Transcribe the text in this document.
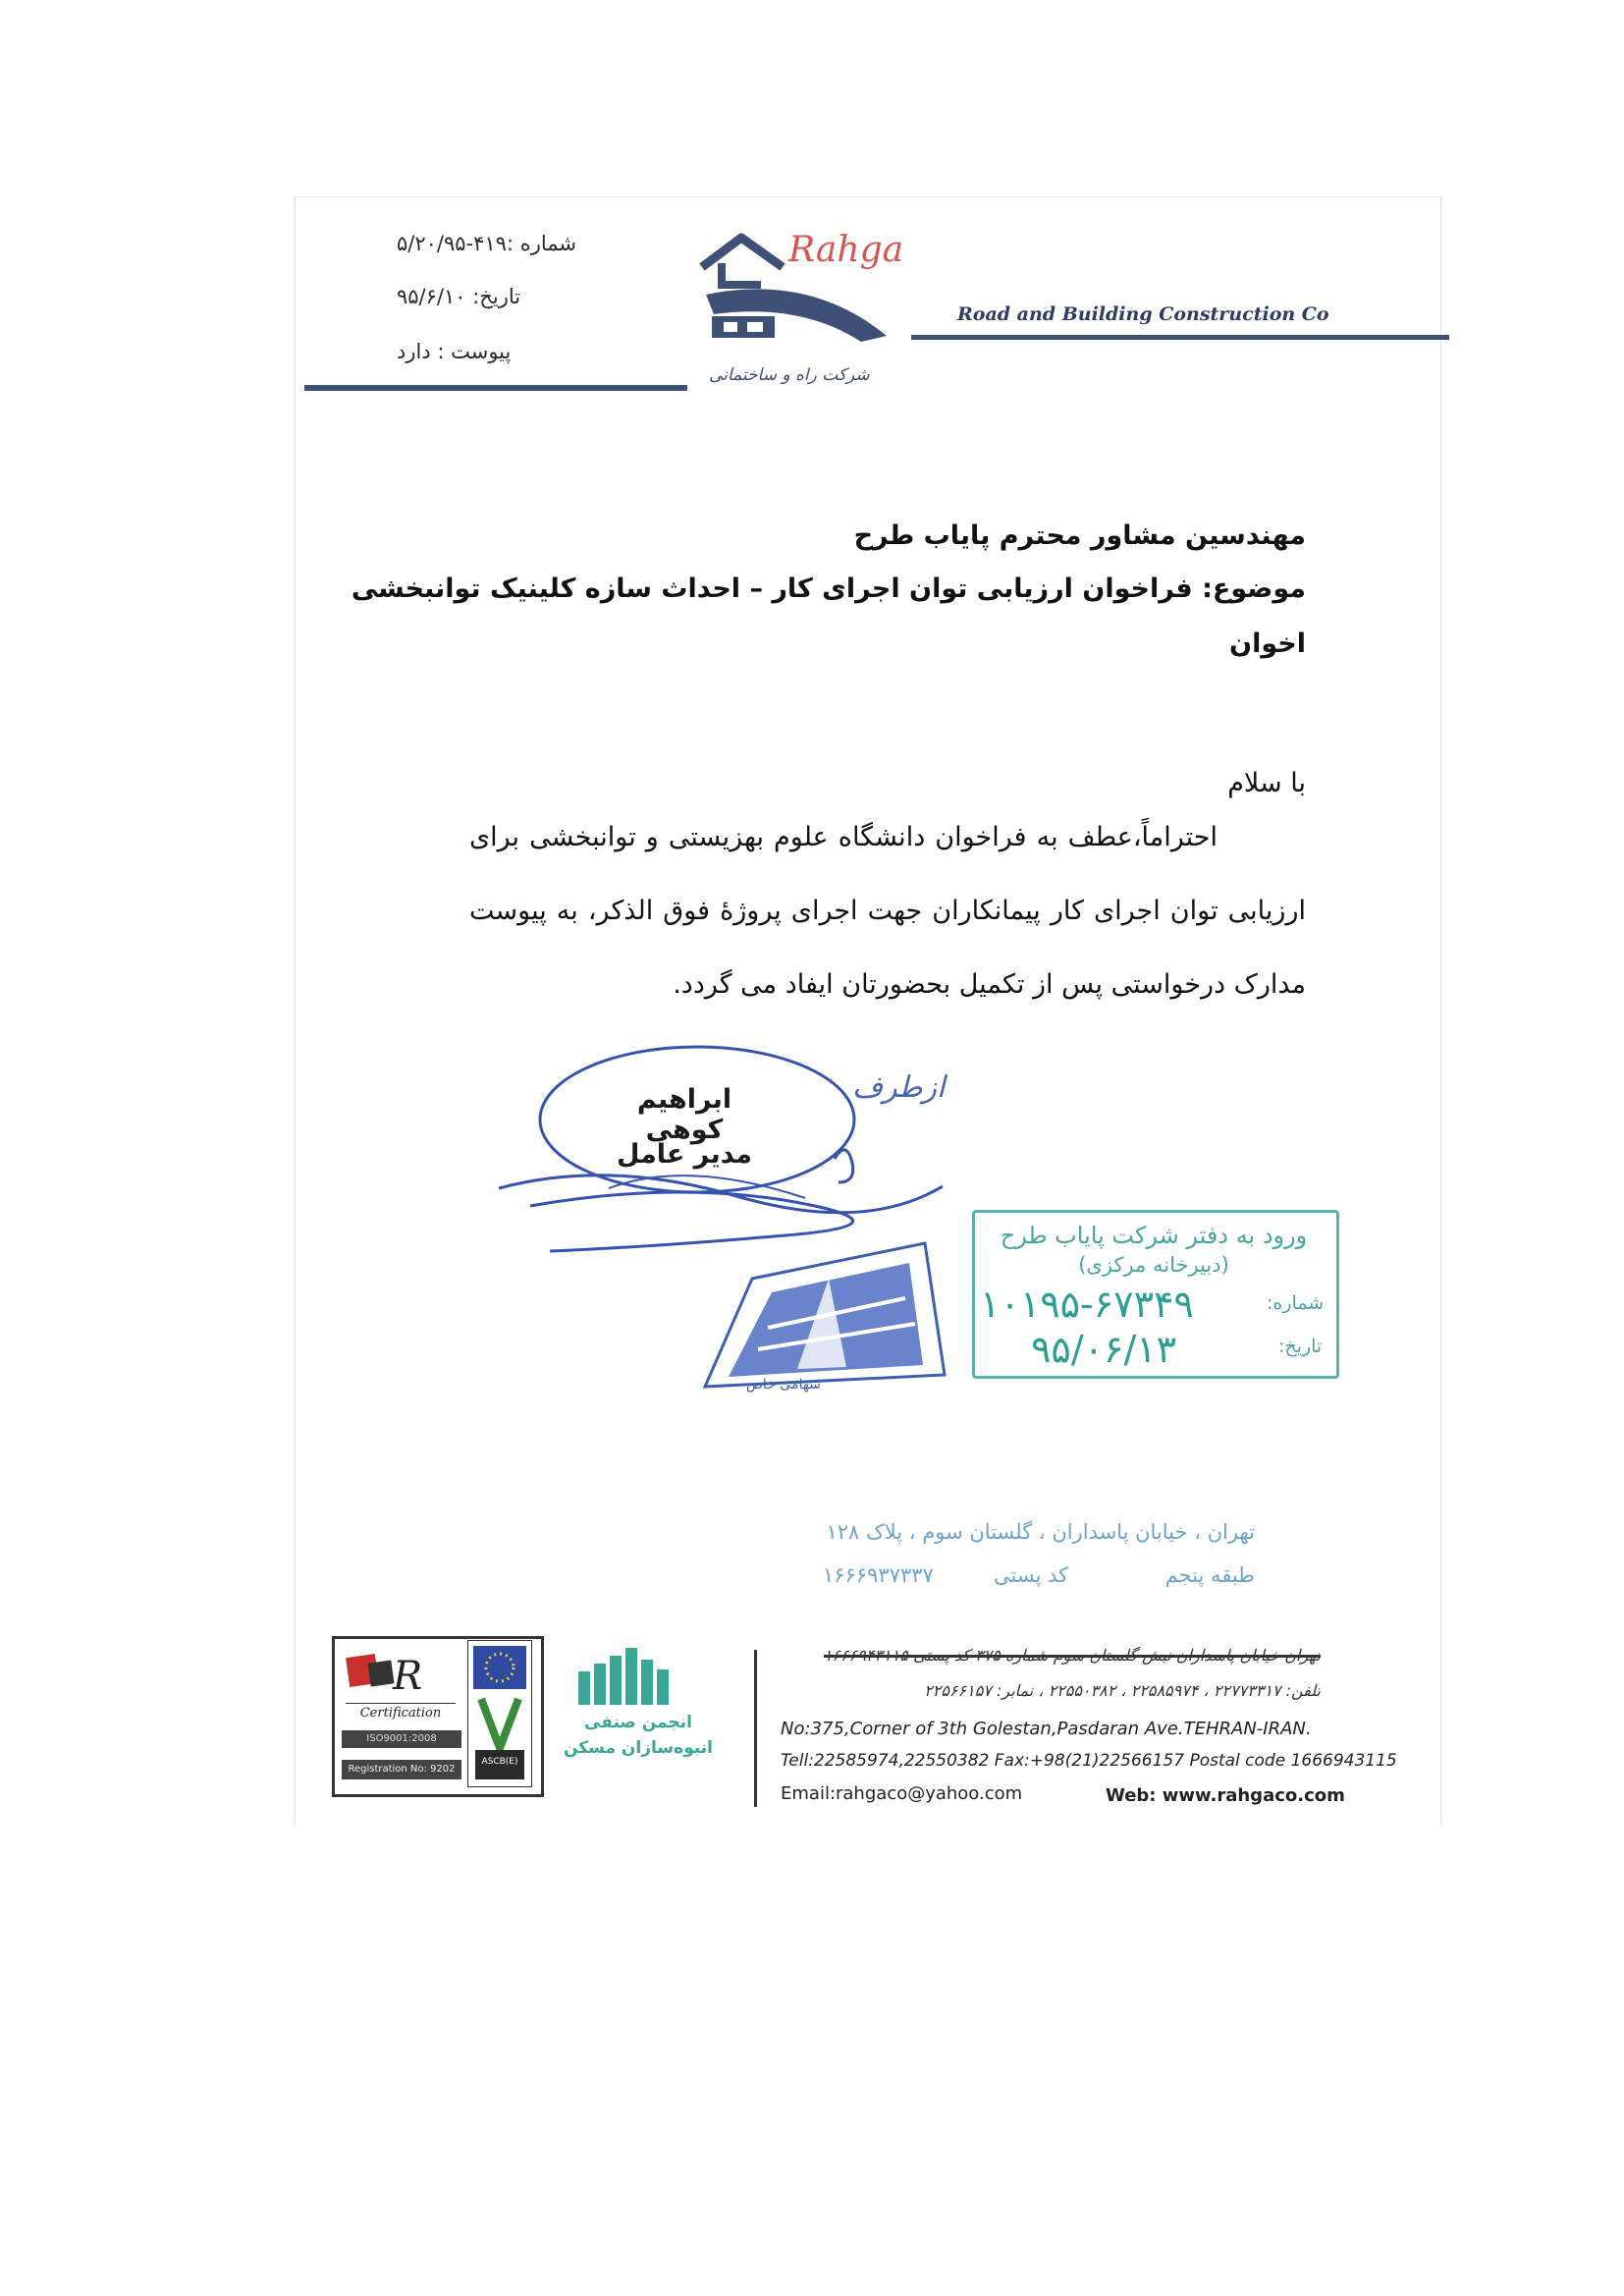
شماره :۴۱۹-۵/۲۰/۹۵
تاریخ: ۹۵/۶/۱۰
پیوست : دارد
Rahga
Road and Building Construction Co
شرکت راه و ساختمانی
مهندسین مشاور محترم پایاب طرح
موضوع: فراخوان ارزیابی توان اجرای کار – احداث سازه کلینیک توانبخشی
اخوان
با سلام
احتراماً،عطف به فراخوان دانشگاه علوم بهزیستی و توانبخشی برای ارزیابی توان اجرای کار پیمانکاران جهت اجرای پروژۀ فوق الذکر، به پیوست مدارک درخواستی پس از تکمیل بحضورتان ایفاد می گردد.
ازطرف
ابراهیم کوهی
مدیر عامل
سهامی خاص
ورود به دفتر شرکت پایاب طرح
(دبیرخانه مرکزی)
شماره:
تاریخ:
۱۰۱۹۵-۶۷۳۴۹
۹۵/۰۶/۱۳
تهران ، خیابان پاسداران ، گلستان سوم ، پلاک ۱۲۸
طبقه پنجم
کد پستی
۱۶۶۶۹۳۷۳۳۷
R
Certification
ISO9001:2008
Registration No: 9202
ASCB(E)
انجمن صنفی
انبوه‌سازان مسکن
تهران خیابان پاسداران نبش گلستان سوم شماره ۳۷۵ کد پستی ۱۶۶۶۹۴۳۱۱۵
تلفن: ۲۲۷۷۳۳۱۷ ، ۲۲۵۸۵۹۷۴ ، ۲۲۵۵۰۳۸۲ ، نمابر: ۲۲۵۶۶۱۵۷
No:375,Corner of 3th Golestan,Pasdaran Ave.TEHRAN-IRAN.
Tell:22585974,22550382 Fax:+98(21)22566157 Postal code 1666943115
Email:rahgaco@yahoo.com	Web: www.rahgaco.com
